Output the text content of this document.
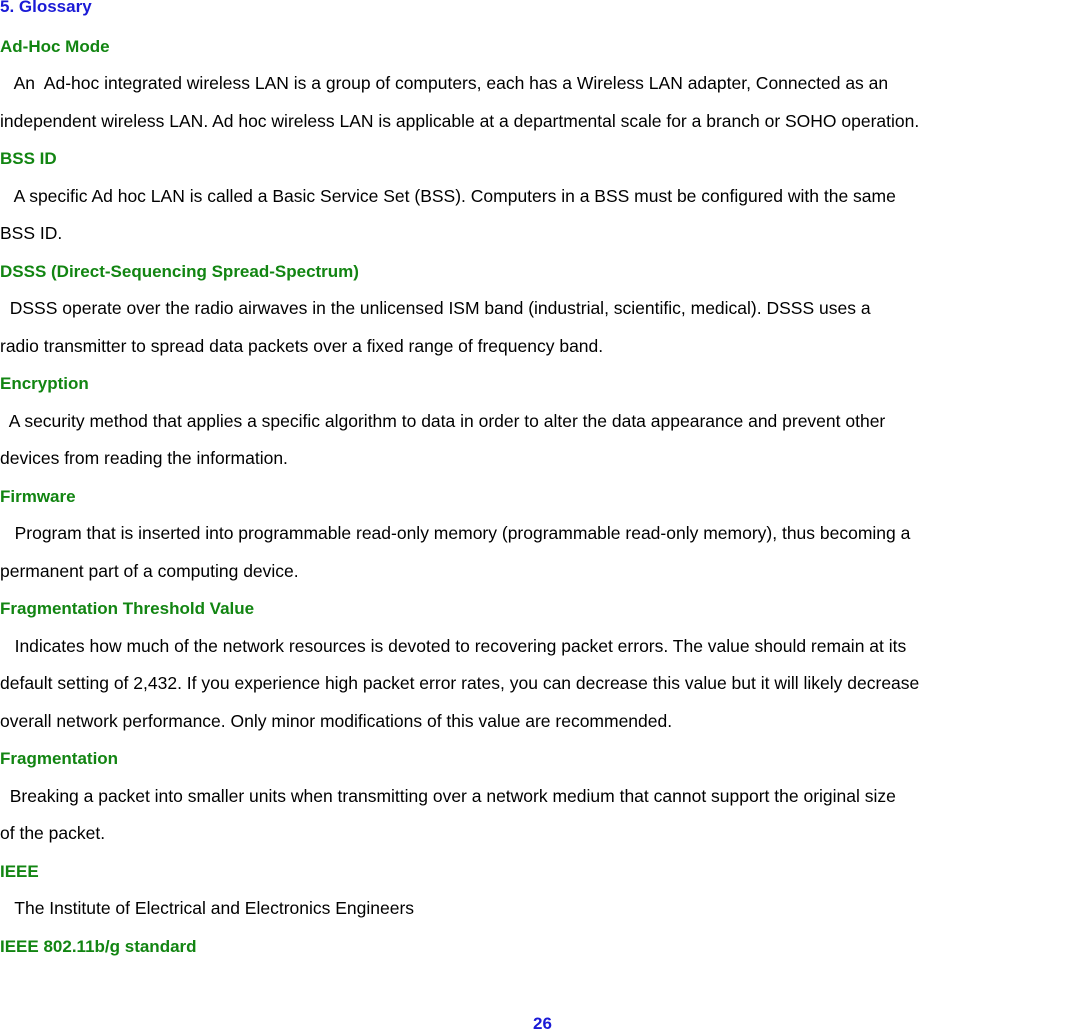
5. Glossary
Ad-Hoc Mode
An  Ad-hoc integrated wireless LAN is a group of computers, each has a Wireless LAN adapter, Connected as an
independent wireless LAN. Ad hoc wireless LAN is applicable at a departmental scale for a branch or SOHO operation.
BSS ID
A specific Ad hoc LAN is called a Basic Service Set (BSS). Computers in a BSS must be configured with the same
BSS ID.
DSSS (Direct-Sequencing Spread-Spectrum)
DSSS operate over the radio airwaves in the unlicensed ISM band (industrial, scientific, medical). DSSS uses a
radio transmitter to spread data packets over a fixed range of frequency band.
Encryption
A security method that applies a specific algorithm to data in order to alter the data appearance and prevent other
devices from reading the information.
Firmware
Program that is inserted into programmable read-only memory (programmable read-only memory), thus becoming a
permanent part of a computing device.
Fragmentation Threshold Value
Indicates how much of the network resources is devoted to recovering packet errors. The value should remain at its
default setting of 2,432. If you experience high packet error rates, you can decrease this value but it will likely decrease
overall network performance. Only minor modifications of this value are recommended.
Fragmentation
Breaking a packet into smaller units when transmitting over a network medium that cannot support the original size
of the packet.
IEEE
The Institute of Electrical and Electronics Engineers
IEEE 802.11b/g standard
26
